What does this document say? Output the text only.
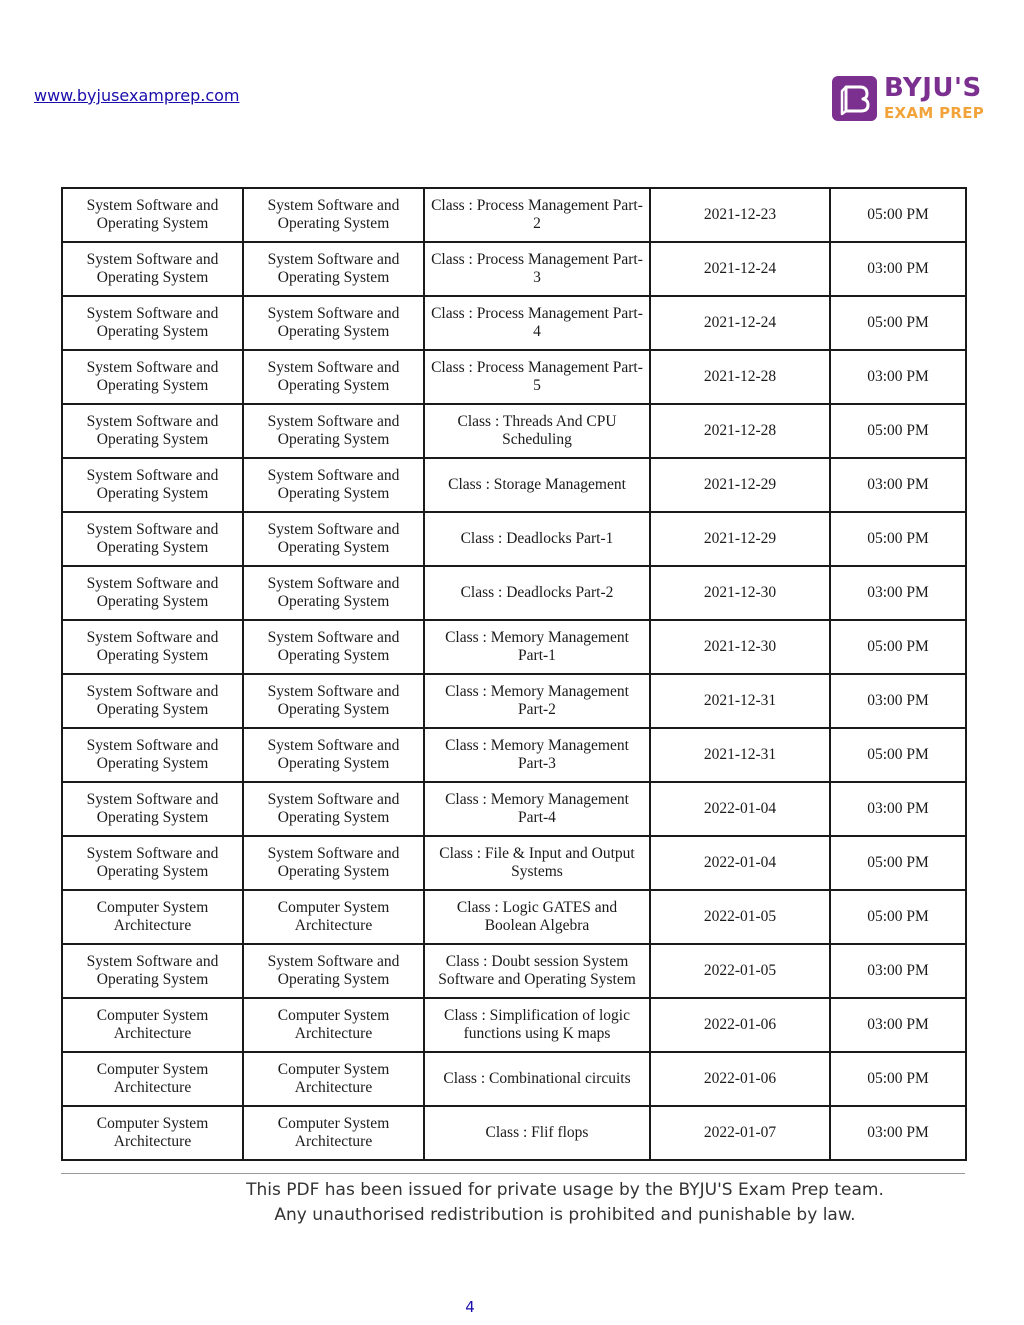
www.byjusexamprep.com	BYJU'S
EXAM PREP
System Software and Operating System	System Software and Operating System	Class : Process Management Part-2	2021-12-23	05:00 PM
System Software and Operating System	System Software and Operating System	Class : Process Management Part-3	2021-12-24	03:00 PM
System Software and Operating System	System Software and Operating System	Class : Process Management Part- 4	2021-12-24	05:00 PM
System Software and Operating System	System Software and Operating System	Class : Process Management Part- 5	2021-12-28	03:00 PM
System Software and Operating System	System Software and Operating System	Class : Threads And CPU Scheduling	2021-12-28	05:00 PM
System Software and Operating System	System Software and Operating System	Class : Storage Management	2021-12-29	03:00 PM
System Software and Operating System	System Software and Operating System	Class : Deadlocks Part-1	2021-12-29	05:00 PM
System Software and Operating System	System Software and Operating System	Class : Deadlocks Part-2	2021-12-30	03:00 PM
System Software and Operating System	System Software and Operating System	Class : Memory Management Part-1	2021-12-30	05:00 PM
System Software and Operating System	System Software and Operating System	Class : Memory Management Part-2	2021-12-31	03:00 PM
System Software and Operating System	System Software and Operating System	Class : Memory Management Part-3	2021-12-31	05:00 PM
System Software and Operating System	System Software and Operating System	Class : Memory Management Part-4	2022-01-04	03:00 PM
System Software and Operating System	System Software and Operating System	Class : File & Input and Output Systems	2022-01-04	05:00 PM
Computer System Architecture	Computer System Architecture	Class : Logic GATES and Boolean Algebra	2022-01-05	05:00 PM
System Software and Operating System	System Software and Operating System	Class : Doubt session System Software and Operating System	2022-01-05	03:00 PM
Computer System Architecture	Computer System Architecture	Class : Simplification of logic functions using K maps	2022-01-06	03:00 PM
Computer System Architecture	Computer System Architecture	Class : Combinational circuits	2022-01-06	05:00 PM
Computer System Architecture	Computer System Architecture	Class : Flif flops	2022-01-07	03:00 PM
This PDF has been issued for private usage by the BYJU'S Exam Prep team.
Any unauthorised redistribution is prohibited and punishable by law.
4
